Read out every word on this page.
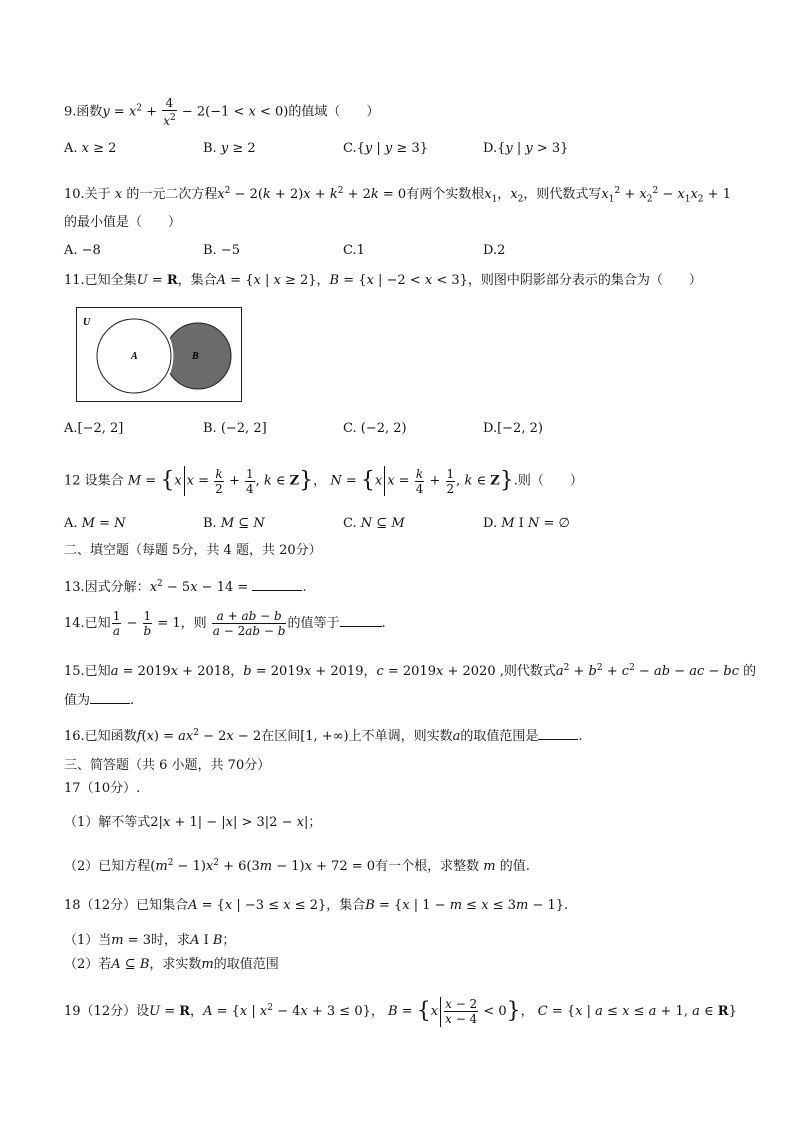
9.函数$y = x^2 + \frac{4}{x^2} - 2(-1 < x < 0)$的值域（　　）
A. x ≥ 2	B. y ≥ 2	C.{y | y ≥ 3}	D.{y | y > 3}
10.关于 x 的一元二次方程$x^2 - 2(k + 2)x + k^2 + 2k = 0$有两个实数根$x_1$，$x_2$，则代数式写$x_1^2 + x_2^2 - x_1x_2 + 1$
的最小值是（　　）
A. −8	B. −5	C.1	D.2
11.已知全集U = R，集合A = {x | x ≥ 2}，B = {x | −2 < x < 3}，则图中阴影部分表示的集合为（　　）
U
A	B
A.[−2, 2]	B. (−2, 2]	C. (−2, 2)	D.[−2, 2)
12 设集合 M = {x $x = \frac{k}{2} + \frac{1}{4}$ , k ∈ Z}， N = {x $x = \frac{k}{4} + \frac{1}{2}$ , k ∈ Z}.则（　　）
A. M = N	B. M ⊆ N	C. N ⊆ M	D. M I N = ∅
二、填空题（每题 5分，共 4 题，共 20分）
13.因式分解：$x^2 - 5x - 14$ =	.
14.已知 $\frac{1}{a} - \frac{1}{b} = 1$，则 $\frac{a + ab - b}{a - 2ab - b}$ 的值等于	.
15.已知a = 2019x + 2018，b = 2019x + 2019，c = 2019x + 2020 ,则代数式$a^2 + b^2 + c^2$ − ab − ac − bc 的
值为	.
16.已知函数$f(x) = ax^2 - 2x - 2$在区间[1, +∞)上不单调，则实数a的取值范围是	.
三、简答题（共 6 小题，共 70分）
17（10分）.
（1）解不等式2|x + 1| − |x| > 3|2 − x|；
（2）已知方程$(m^2 - 1)x^2 + 6(3m - 1)x + 72 = 0$有一个根，求整数 m 的值.
18（12分）已知集合A = {x | −3 ≤ x ≤ 2}，集合B = {x | 1 − m ≤ x ≤ 3m − 1}.
（1）当m = 3时，求A I B；
（2）若A ⊆ B，求实数m的取值范围
19（12分）设U = R，A = {x | $x^2 - 4x + 3 \le 0$}， $B = \{x \frac{x - 2}{x - 4} < 0\}$， C = {x | a ≤ x ≤ a + 1, a ∈ R}
